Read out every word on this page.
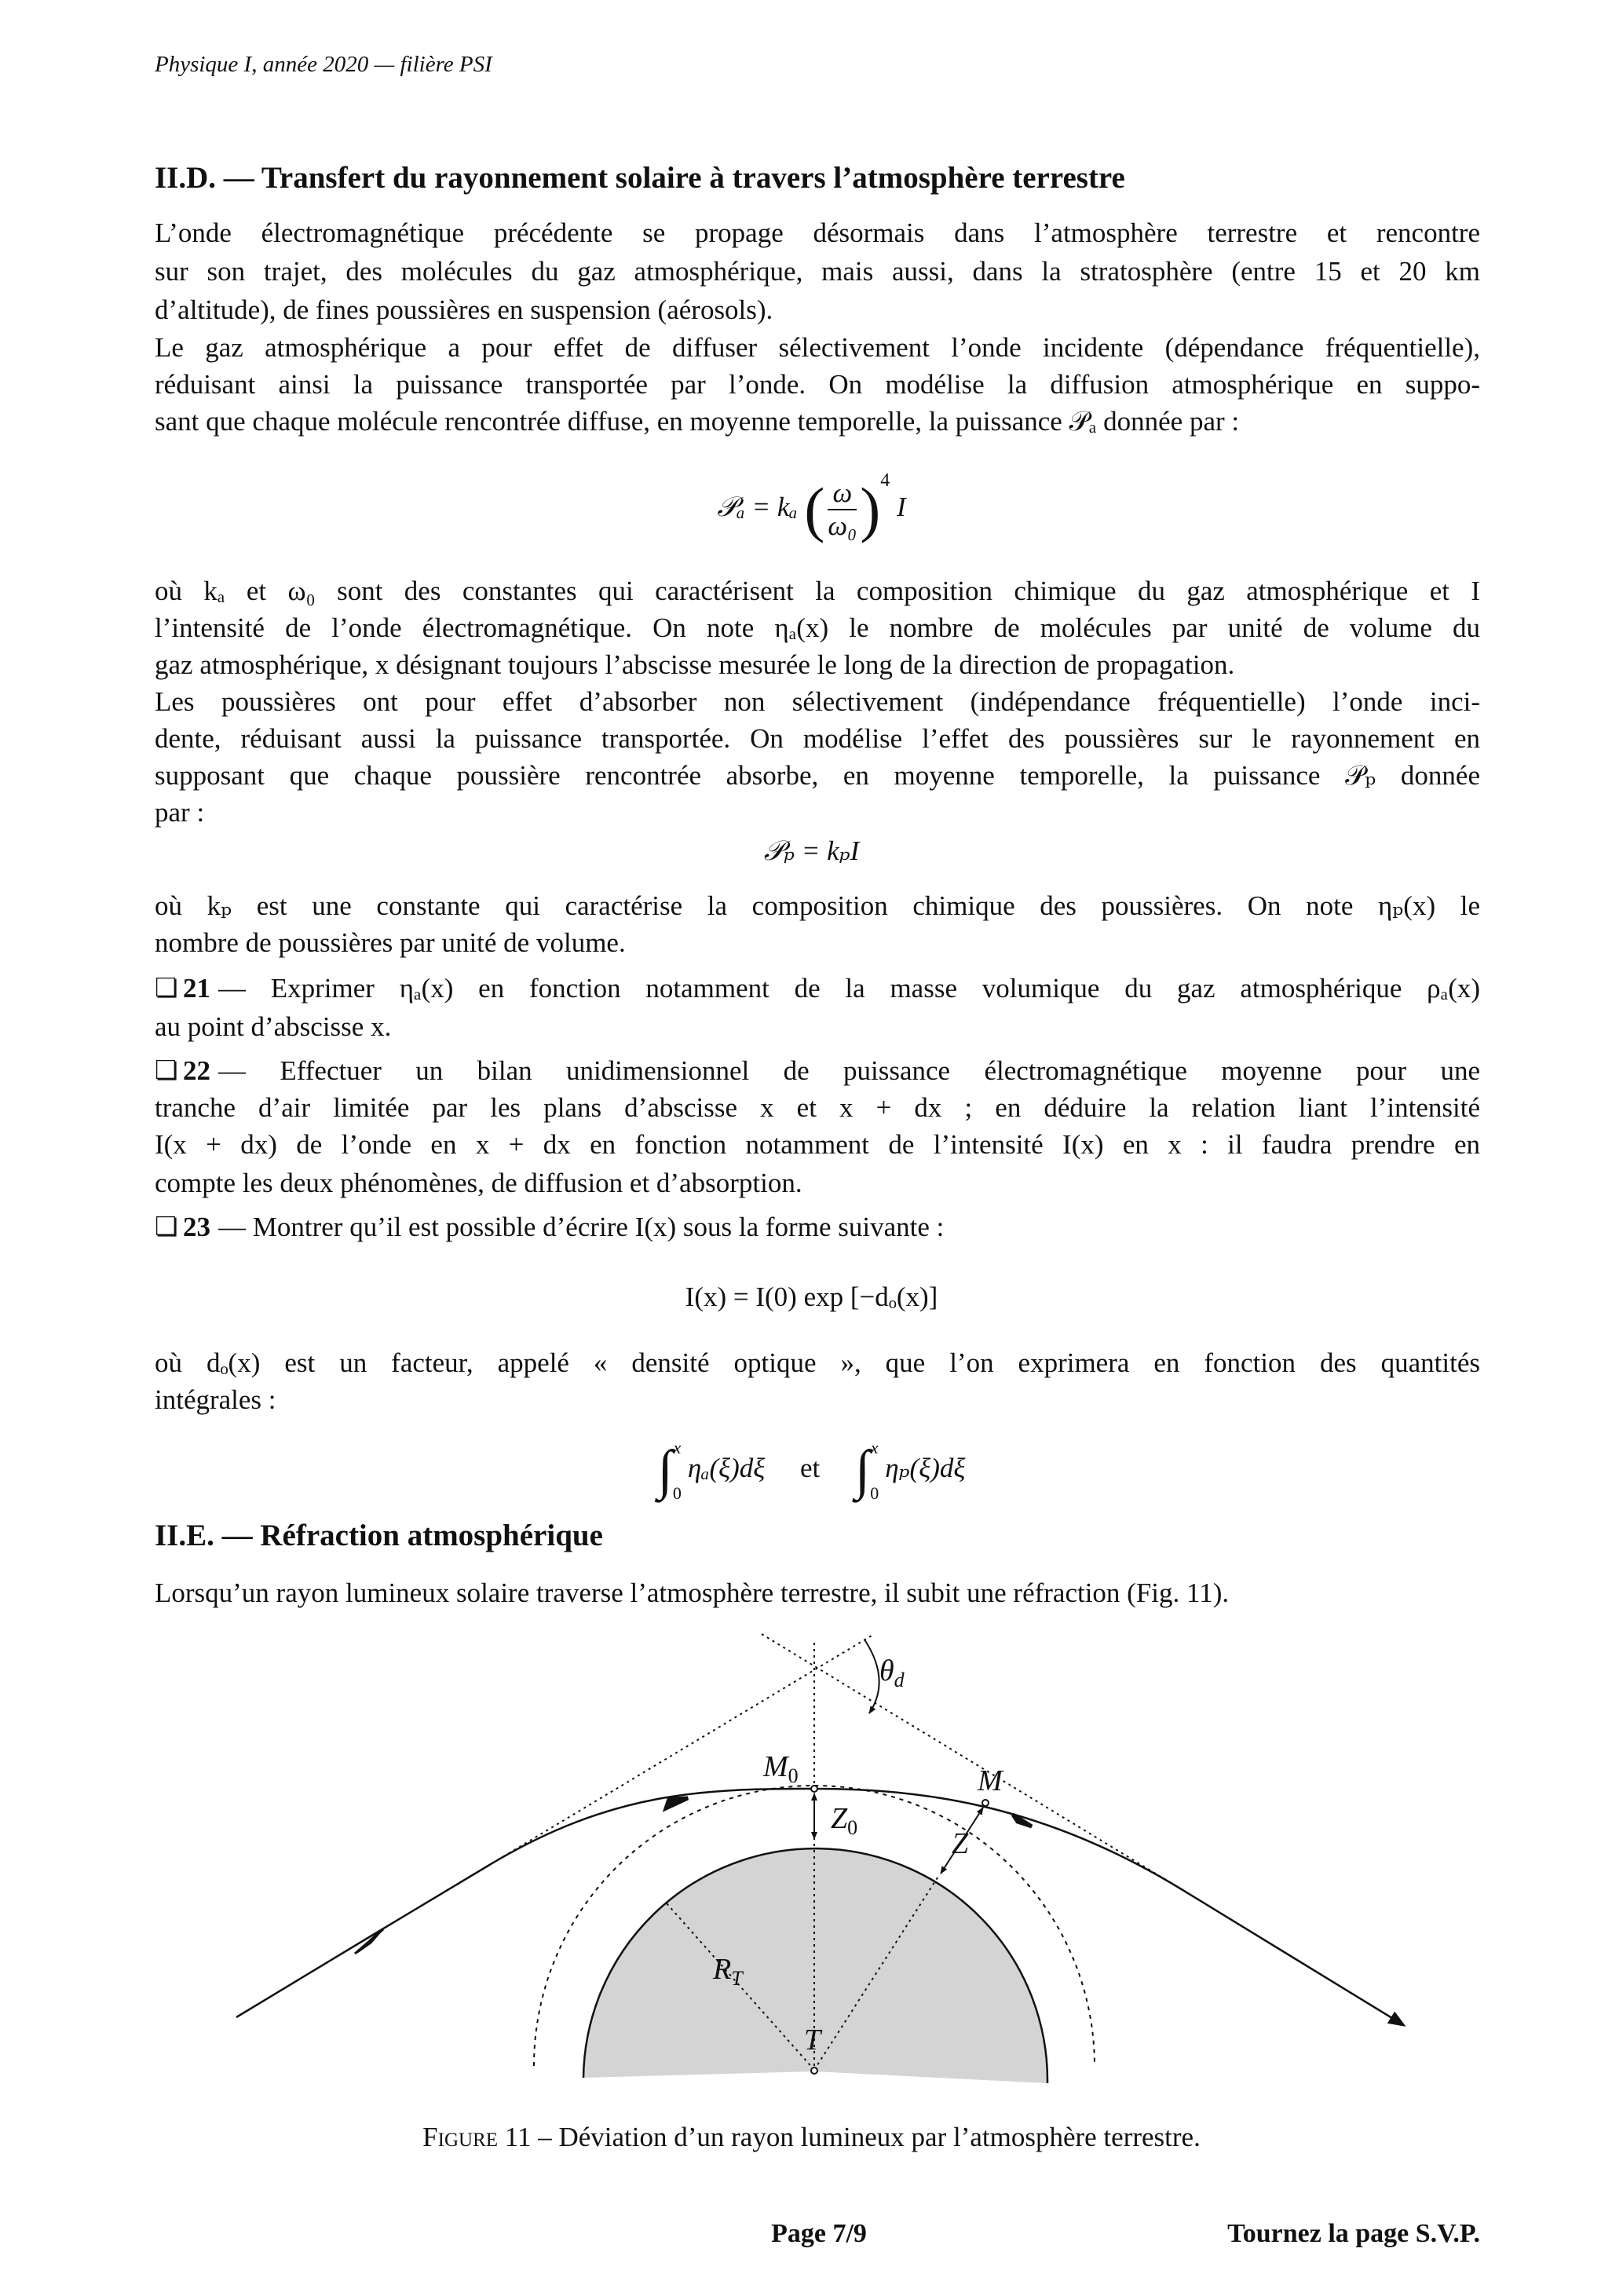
Physique I, année 2020 — filière PSI
II.D. — Transfert du rayonnement solaire à travers l’atmosphère terrestre
L’onde électromagnétique précédente se propage désormais dans l’atmosphère terrestre et rencontre
sur son trajet, des molécules du gaz atmosphérique, mais aussi, dans la stratosphère (entre 15 et 20 km
d’altitude), de fines poussières en suspension (aérosols).
Le gaz atmosphérique a pour effet de diffuser sélectivement l’onde incidente (dépendance fréquentielle),
réduisant ainsi la puissance transportée par l’onde. On modélise la diffusion atmosphérique en suppo-
sant que chaque molécule rencontrée diffuse, en moyenne temporelle, la puissance 𝒫ₐ donnée par :
𝒫ₐ = kₐ ( $\frac{\omega}{\text{ω₀}} )^4$ I
où kₐ et ω₀ sont des constantes qui caractérisent la composition chimique du gaz atmosphérique et I
l’intensité de l’onde électromagnétique. On note ηₐ(x) le nombre de molécules par unité de volume du
gaz atmosphérique, x désignant toujours l’abscisse mesurée le long de la direction de propagation.
Les poussières ont pour effet d’absorber non sélectivement (indépendance fréquentielle) l’onde inci-
dente, réduisant aussi la puissance transportée. On modélise l’effet des poussières sur le rayonnement en
supposant que chaque poussière rencontrée absorbe, en moyenne temporelle, la puissance 𝒫ₚ donnée
par :
𝒫ₚ = kₚI
où kₚ est une constante qui caractérise la composition chimique des poussières. On note ηₚ(x) le
nombre de poussières par unité de volume.
❏ 21 — Exprimer ηₐ(x) en fonction notamment de la masse volumique du gaz atmosphérique ρₐ(x)
au point d’abscisse x.
❏ 22 — Effectuer un bilan unidimensionnel de puissance électromagnétique moyenne pour une
tranche d’air limitée par les plans d’abscisse x et x + dx ; en déduire la relation liant l’intensité
I(x + dx) de l’onde en x + dx en fonction notamment de l’intensité I(x) en x : il faudra prendre en
compte les deux phénomènes, de diffusion et d’absorption.
❏ 23 — Montrer qu’il est possible d’écrire I(x) sous la forme suivante :
I(x) = I(0) exp [−dₒ(x)]
où dₒ(x) est un facteur, appelé « densité optique », que l’on exprimera en fonction des quantités
intégrales :
∫ x
0
ηₐ(ξ)dξ et ∫ x
0
ηₚ(ξ)dξ
II.E. — Réfraction atmosphérique
Lorsqu’un rayon lumineux solaire traverse l’atmosphère terrestre, il subit une réfraction (Fig. 11).
$\theta_d$
$M_0$
$Z_0$
M
Z
$R_T$
T
Figure 11 – Déviation d’un rayon lumineux par l’atmosphère terrestre.
Page 7/9	Tournez la page S.V.P.
